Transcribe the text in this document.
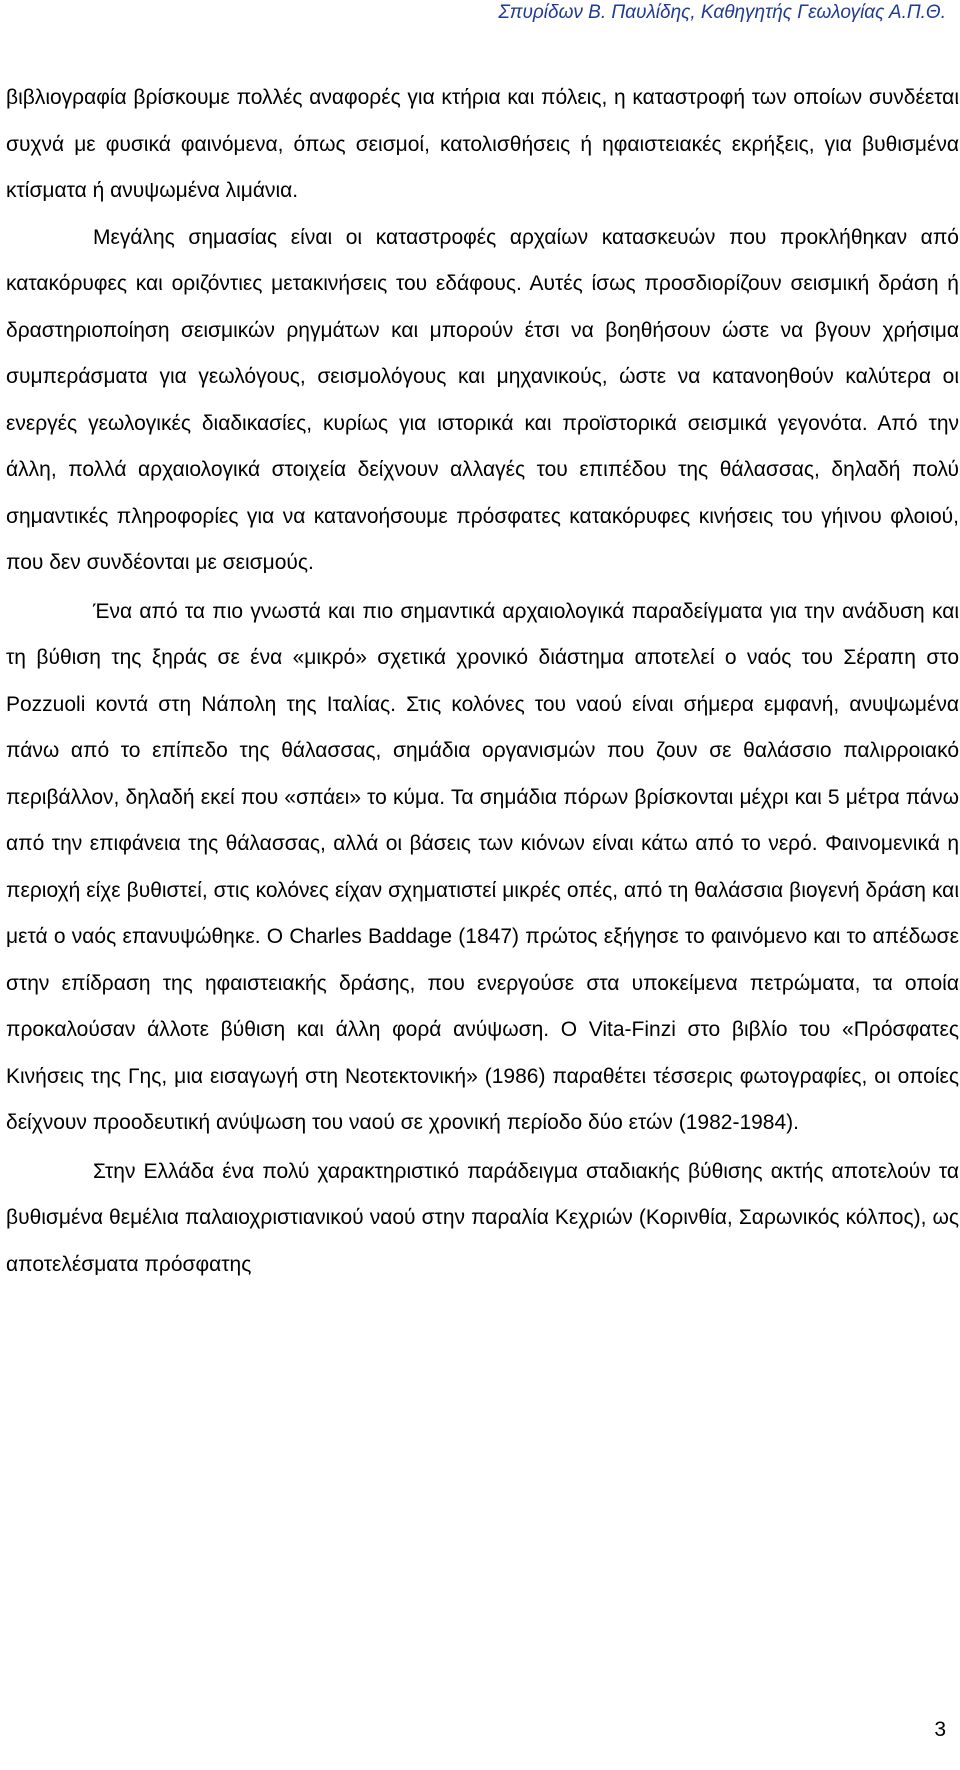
Σπυρίδων Β. Παυλίδης, Καθηγητής Γεωλογίας Α.Π.Θ.

βιβλιογραφία βρίσκουμε πολλές αναφορές για κτήρια και πόλεις, η καταστροφή των οποίων συνδέεται συχνά με φυσικά φαινόμενα, όπως σεισμοί, κατολισθήσεις ή ηφαιστειακές εκρήξεις, για βυθισμένα κτίσματα ή ανυψωμένα λιμάνια.

Μεγάλης σημασίας είναι οι καταστροφές αρχαίων κατασκευών που προκλήθηκαν από κατακόρυφες και οριζόντιες μετακινήσεις του εδάφους. Αυτές ίσως προσδιορίζουν σεισμική δράση ή δραστηριοποίηση σεισμικών ρηγμάτων και μπορούν έτσι να βοηθήσουν ώστε να βγουν χρήσιμα συμπεράσματα για γεωλόγους, σεισμολόγους και μηχανικούς, ώστε να κατανοηθούν καλύτερα οι ενεργές γεωλογικές διαδικασίες, κυρίως για ιστορικά και προϊστορικά σεισμικά γεγονότα. Από την άλλη, πολλά αρχαιολογικά στοιχεία δείχνουν αλλαγές του επιπέδου της θάλασσας, δηλαδή πολύ σημαντικές πληροφορίες για να κατανοήσουμε πρόσφατες κατακόρυφες κινήσεις του γήινου φλοιού, που δεν συνδέονται με σεισμούς.

Ένα από τα πιο γνωστά και πιο σημαντικά αρχαιολογικά παραδείγματα για την ανάδυση και τη βύθιση της ξηράς σε ένα «μικρό» σχετικά χρονικό διάστημα αποτελεί ο ναός του Σέραπη στο Pozzuoli κοντά στη Νάπολη της Ιταλίας. Στις κολόνες του ναού είναι σήμερα εμφανή, ανυψωμένα πάνω από το επίπεδο της θάλασσας, σημάδια οργανισμών που ζουν σε θαλάσσιο παλιρροιακό περιβάλλον, δηλαδή εκεί που «σπάει» το κύμα. Τα σημάδια πόρων βρίσκονται μέχρι και 5 μέτρα πάνω από την επιφάνεια της θάλασσας, αλλά οι βάσεις των κιόνων είναι κάτω από το νερό. Φαινομενικά η περιοχή είχε βυθιστεί, στις κολόνες είχαν σχηματιστεί μικρές οπές, από τη θαλάσσια βιογενή δράση και μετά ο ναός επανυψώθηκε. Ο Charles Baddage (1847) πρώτος εξήγησε το φαινόμενο και το απέδωσε στην επίδραση της ηφαιστειακής δράσης, που ενεργούσε στα υποκείμενα πετρώματα, τα οποία προκαλούσαν άλλοτε βύθιση και άλλη φορά ανύψωση. Ο Vita-Finzi στο βιβλίο του «Πρόσφατες Κινήσεις της Γης, μια εισαγωγή στη Νεοτεκτονική» (1986) παραθέτει τέσσερις φωτογραφίες, οι οποίες δείχνουν προοδευτική ανύψωση του ναού σε χρονική περίοδο δύο ετών (1982-1984).

Στην Ελλάδα ένα πολύ χαρακτηριστικό παράδειγμα σταδιακής βύθισης ακτής αποτελούν τα βυθισμένα θεμέλια παλαιοχριστιανικού ναού στην παραλία Κεχριών (Κορινθία, Σαρωνικός κόλπος), ως αποτελέσματα πρόσφατης

3
